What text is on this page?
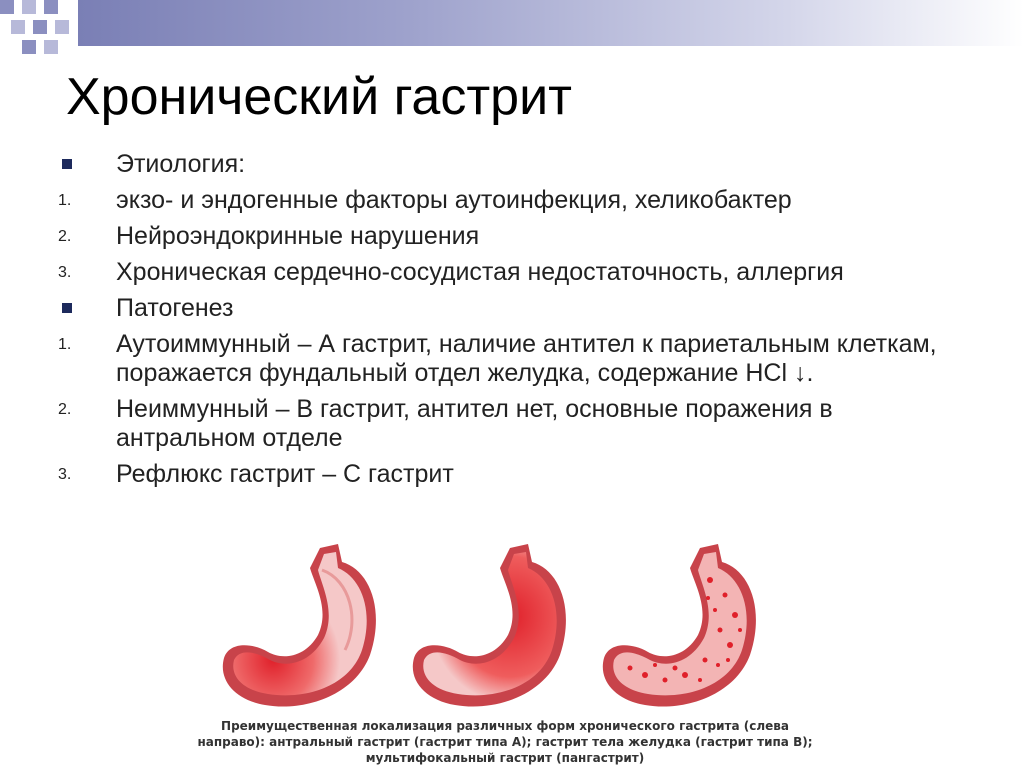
Хронический гастрит
Этиология:
1.	экзо- и эндогенные факторы аутоинфекция, хеликобактер
2.	Нейроэндокринные нарушения
3.	Хроническая сердечно-сосудистая недостаточность, аллергия
Патогенез
1.	Аутоиммунный – А гастрит, наличие антител к париетальным клеткам, поражается фундальный отдел желудка, содержание HCl ↓.
2.	Неиммунный – В гастрит, антител нет, основные поражения в антральном отделе
3.	Рефлюкс гастрит – С гастрит
Преимущественная локализация различных форм хронического гастрита (слева
направо): антральный гастрит (гастрит типа А); гастрит тела желудка (гастрит типа В);
мультифокальный гастрит (пангастрит)
